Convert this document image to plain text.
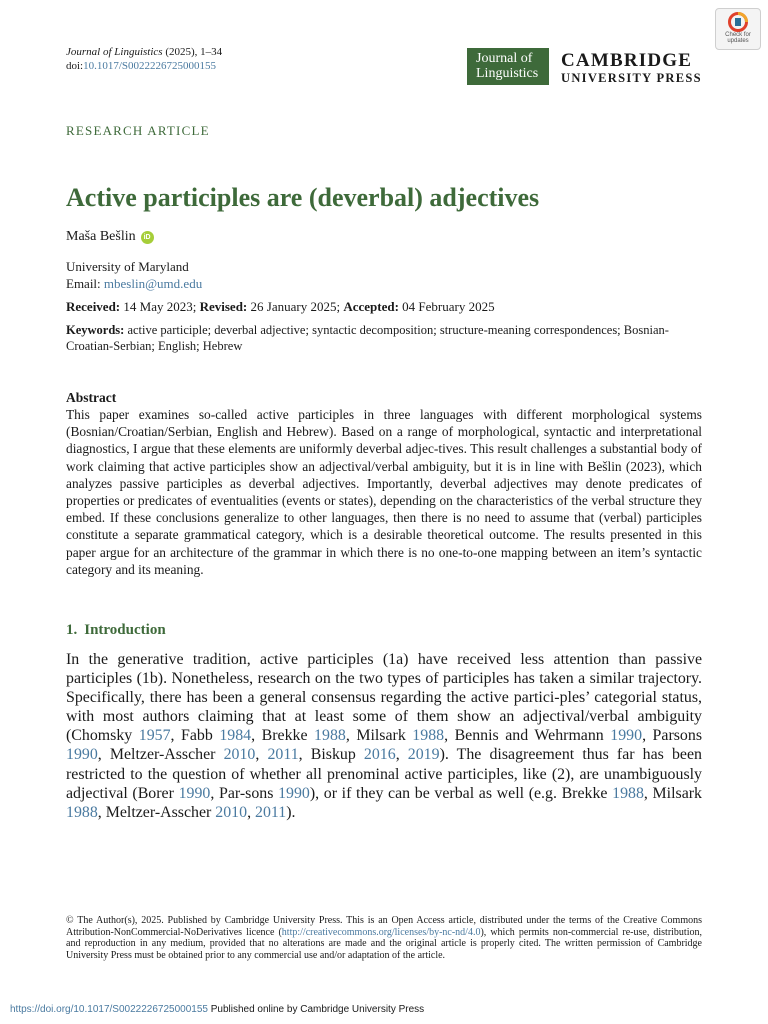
Journal of Linguistics (2025), 1–34
doi:10.1017/S0022226725000155	Journal of
Linguistics
CAMBRIDGE
UNIVERSITY PRESS
Check for
updates
RESEARCH ARTICLE
Active participles are (deverbal) adjectives
Maša Bešlin	iD
University of Maryland
Email: mbeslin@umd.edu
Received: 14 May 2023; Revised: 26 January 2025; Accepted: 04 February 2025
Keywords: active participle; deverbal adjective; syntactic decomposition; structure-meaning correspondences; Bosnian-Croatian-Serbian; English; Hebrew
Abstract

This paper examines so-called active participles in three languages with different morphological systems (Bosnian/Croatian/Serbian, English and Hebrew). Based on a range of morphological, syntactic and interpretational diagnostics, I argue that these elements are uniformly deverbal adjec-tives. This result challenges a substantial body of work claiming that active participles show an adjectival/verbal ambiguity, but it is in line with Bešlin (2023), which analyzes passive participles as deverbal adjectives. Importantly, deverbal adjectives may denote predicates of properties or predicates of eventualities (events or states), depending on the characteristics of the verbal structure they embed. If these conclusions generalize to other languages, then there is no need to assume that (verbal) participles constitute a separate grammatical category, which is a desirable theoretical outcome. The results presented in this paper argue for an architecture of the grammar in which there is no one-to-one mapping between an item’s syntactic category and its meaning.

1. Introduction

In the generative tradition, active participles (1a) have received less attention than passive participles (1b). Nonetheless, research on the two types of participles has taken a similar trajectory. Specifically, there has been a general consensus regarding the active partici-ples’ categorial status, with most authors claiming that at least some of them show an adjectival/verbal ambiguity (Chomsky 1957, Fabb 1984, Brekke 1988, Milsark 1988, Bennis and Wehrmann 1990, Parsons 1990, Meltzer-Asscher 2010, 2011, Biskup 2016, 2019). The disagreement thus far has been restricted to the question of whether all prenominal active participles, like (2), are unambiguously adjectival (Borer 1990, Par-sons 1990), or if they can be verbal as well (e.g. Brekke 1988, Milsark 1988, Meltzer-Asscher 2010, 2011).

© The Author(s), 2025. Published by Cambridge University Press. This is an Open Access article, distributed under the terms of the Creative Commons Attribution-NonCommercial-NoDerivatives licence (http://creativecommons.org/licenses/by-nc-nd/4.0), which permits non-commercial re-use, distribution, and reproduction in any medium, provided that no alterations are made and the original article is properly cited. The written permission of Cambridge University Press must be obtained prior to any commercial use and/or adaptation of the article.

https://doi.org/10.1017/S0022226725000155 Published online by Cambridge University Press
